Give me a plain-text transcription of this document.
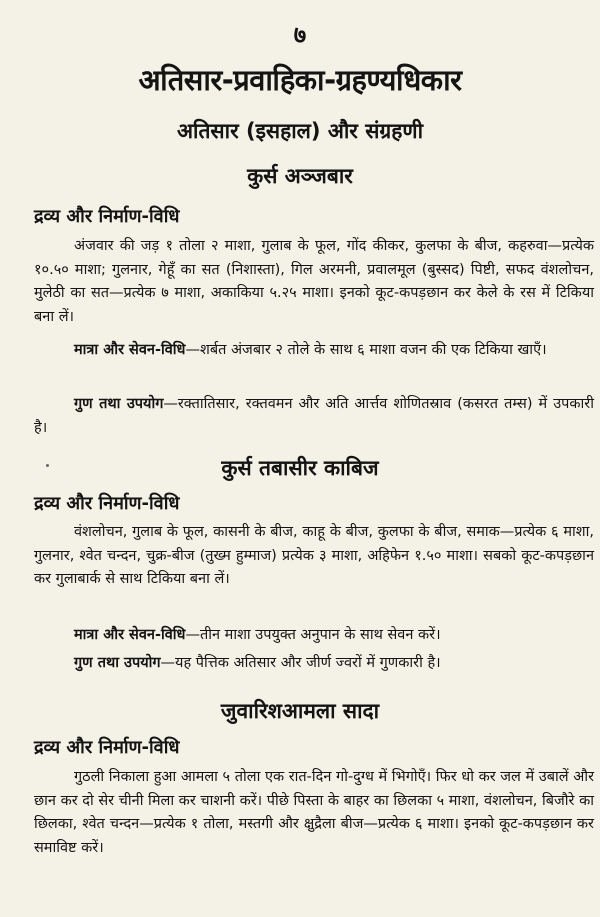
७
अतिसार-प्रवाहिका-ग्रहण्यधिकार
अतिसार (इसहाल) और संग्रहणी
कुर्स अञ्जबार
द्रव्य और निर्माण-विधि
अंजवार की जड़ १ तोला २ माशा, गुलाब के फूल, गोंद कीकर, कुलफा के बीज, कहरुवा—प्रत्येक १०.५० माशा; गुलनार, गेहूँ का सत (निशास्ता), गिल अरमनी, प्रवालमूल (बुस्सद) पिष्टी, सफद वंशलोचन, मुलेठी का सत—प्रत्येक ७ माशा, अकाकिया ५.२५ माशा। इनको कूट-कपड़छान कर केले के रस में टिकिया बना लें।
मात्रा और सेवन-विधि—शर्बत अंजबार २ तोले के साथ ६ माशा वजन की एक टिकिया खाएँ।
गुण तथा उपयोग—रक्तातिसार, रक्तवमन और अति आर्त्तव शोणितस्राव (कसरत तम्स) में उपकारी है।
कुर्स तबासीर काबिज
द्रव्य और निर्माण-विधि
वंशलोचन, गुलाब के फूल, कासनी के बीज, काहू के बीज, कुलफा के बीज, समाक—प्रत्येक ६ माशा, गुलनार, श्वेत चन्दन, चुक्र-बीज (तुख्म हुम्माज) प्रत्येक ३ माशा, अहिफेन १.५० माशा। सबको कूट-कपड़छान कर गुलाबार्क से साथ टिकिया बना लें।
मात्रा और सेवन-विधि—तीन माशा उपयुक्त अनुपान के साथ सेवन करें।
गुण तथा उपयोग—यह पैत्तिक अतिसार और जीर्ण ज्वरों में गुणकारी है।
जुवारिशआमला सादा
द्रव्य और निर्माण-विधि
गुठली निकाला हुआ आमला ५ तोला एक रात-दिन गो-दुग्ध में भिगोएँ। फिर धो कर जल में उबालें और छान कर दो सेर चीनी मिला कर चाशनी करें। पीछे पिस्ता के बाहर का छिलका ५ माशा, वंशलोचन, बिजौरे का छिलका, श्वेत चन्दन—प्रत्येक १ तोला, मस्तगी और क्षुद्रैला बीज—प्रत्येक ६ माशा। इनको कूट-कपड़छान कर समाविष्ट करें।
